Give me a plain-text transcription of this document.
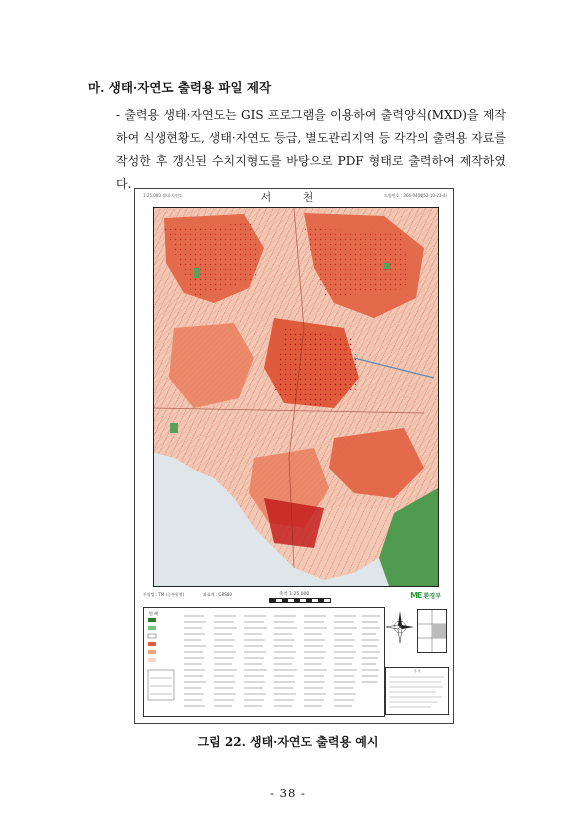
마. 생태·자연도 출력용 파일 제작
- 출력용 생태·자연도는 GIS 프로그램을 이용하여 출력양식(MXD)을 제작하여 식생현황도, 생태·자연도 등급, 별도관리지역 등 각각의 출력용 자료를 작성한 후 갱신된 수치지형도를 바탕으로 PDF 형태로 출력하여 제작하였다.
1:25,000 생태·자연도	서 천	도엽번호 : 366-04(NJ52-10-23-4)
투영법 : TM (중부원점)	좌표계 : GRS80	축척 1:25,000	ME 환경부
범 례
주 기
그림 22. 생태·자연도 출력용 예시
- 38 -
